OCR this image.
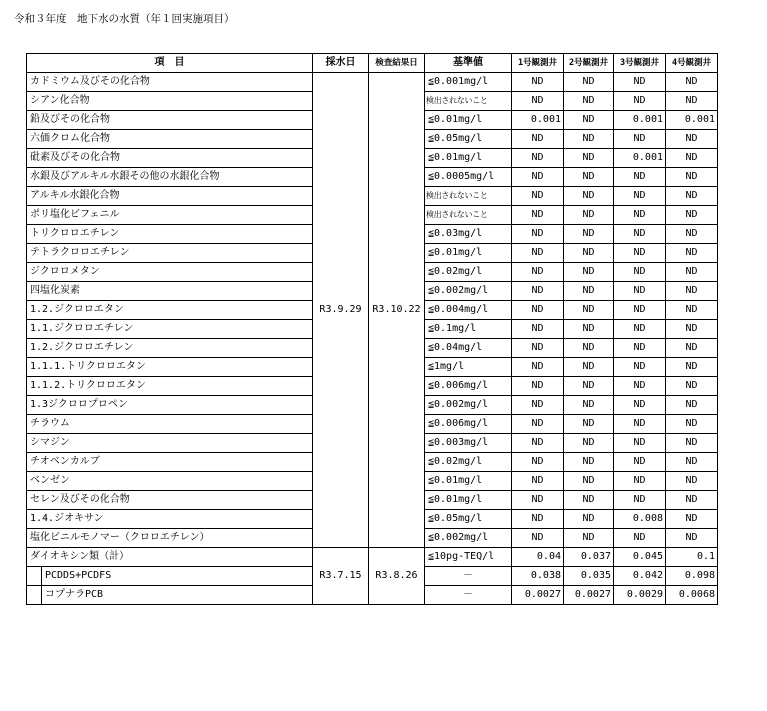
令和３年度　地下水の水質（年１回実施項目）
項　目	採水日	検査結果日	基準値	1号観測井	2号観測井	3号観測井	4号観測井
カドミウム及びその化合物	R3.9.29	R3.10.22	≦0.001mg/l	ND	ND	ND	ND
シアン化合物			検出されないこと	ND	ND	ND	ND
鉛及びその化合物			≦0.01mg/l	0.001	ND	0.001	0.001
六価クロム化合物			≦0.05mg/l	ND	ND	ND	ND
砒素及びその化合物			≦0.01mg/l	ND	ND	0.001	ND
水銀及びアルキル水銀その他の水銀化合物			≦0.0005mg/l	ND	ND	ND	ND
アルキル水銀化合物			検出されないこと	ND	ND	ND	ND
ポリ塩化ビフェニル			検出されないこと	ND	ND	ND	ND
トリクロロエチレン			≦0.03mg/l	ND	ND	ND	ND
テトラクロロエチレン			≦0.01mg/l	ND	ND	ND	ND
ジクロロメタン			≦0.02mg/l	ND	ND	ND	ND
四塩化炭素			≦0.002mg/l	ND	ND	ND	ND
1.2.ジクロロエタン			≦0.004mg/l	ND	ND	ND	ND
1.1.ジクロロエチレン			≦0.1mg/l	ND	ND	ND	ND
1.2.ジクロロエチレン			≦0.04mg/l	ND	ND	ND	ND
1.1.1.トリクロロエタン			≦1mg/l	ND	ND	ND	ND
1.1.2.トリクロロエタン			≦0.006mg/l	ND	ND	ND	ND
1.3ジクロロプロペン			≦0.002mg/l	ND	ND	ND	ND
チラウム			≦0.006mg/l	ND	ND	ND	ND
シマジン			≦0.003mg/l	ND	ND	ND	ND
チオベンカルブ			≦0.02mg/l	ND	ND	ND	ND
ベンゼン			≦0.01mg/l	ND	ND	ND	ND
セレン及びその化合物			≦0.01mg/l	ND	ND	ND	ND
1.4.ジオキサン			≦0.05mg/l	ND	ND	0.008	ND
塩化ビニルモノマー（クロロエチレン）			≦0.002mg/l	ND	ND	ND	ND
ダイオキシン類（計）	R3.7.15	R3.8.26	≦10pg-TEQ/l	0.04	0.037	0.045	0.1

PCDDS+PCDFS			－	0.038	0.035	0.042	0.098

コプナラPCB			－	0.0027	0.0027	0.0029	0.0068
